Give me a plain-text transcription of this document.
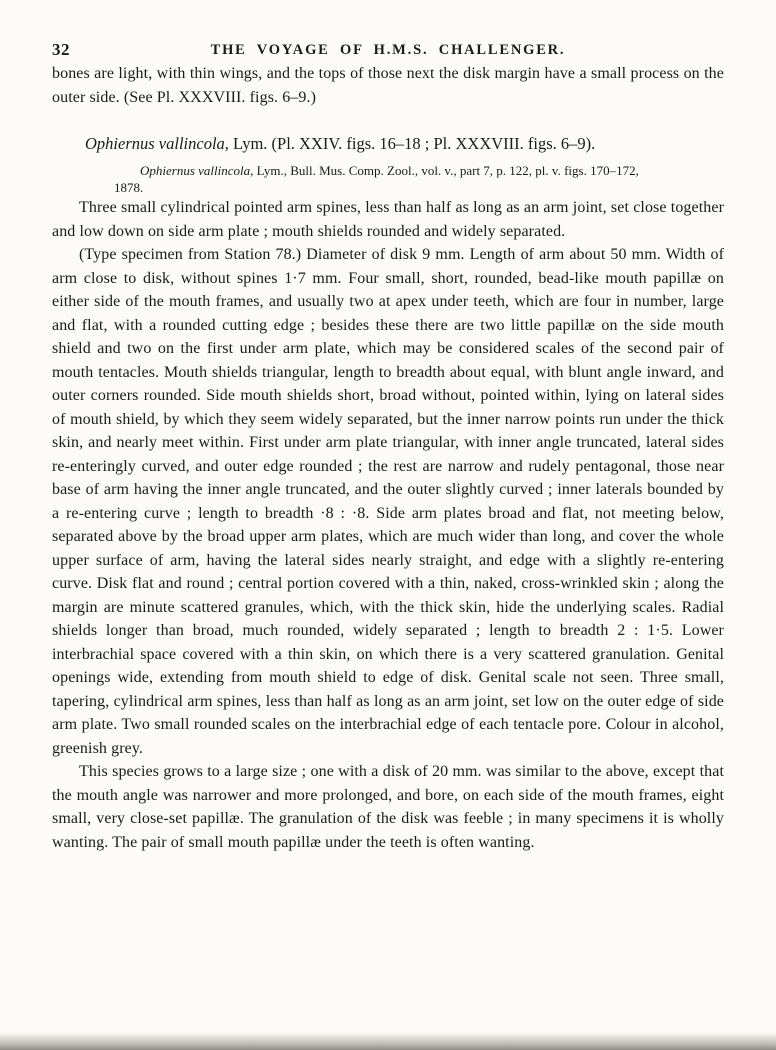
32	THE VOYAGE OF H.M.S. CHALLENGER.

bones are light, with thin wings, and the tops of those next the disk margin have a small process on the outer side. (See Pl. XXXVIII. figs. 6–9.)

Ophiernus vallincola, Lym. (Pl. XXIV. figs. 16–18 ; Pl. XXXVIII. figs. 6–9).

Ophiernus vallincola, Lym., Bull. Mus. Comp. Zool., vol. v., part 7, p. 122, pl. v. figs. 170–172,
1878.

Three small cylindrical pointed arm spines, less than half as long as an arm joint, set close together and low down on side arm plate ; mouth shields rounded and widely separated.

(Type specimen from Station 78.) Diameter of disk 9 mm. Length of arm about 50 mm. Width of arm close to disk, without spines 1·7 mm. Four small, short, rounded, bead-like mouth papillæ on either side of the mouth frames, and usually two at apex under teeth, which are four in number, large and flat, with a rounded cutting edge ; besides these there are two little papillæ on the side mouth shield and two on the first under arm plate, which may be considered scales of the second pair of mouth tentacles. Mouth shields triangular, length to breadth about equal, with blunt angle inward, and outer corners rounded. Side mouth shields short, broad without, pointed within, lying on lateral sides of mouth shield, by which they seem widely separated, but the inner narrow points run under the thick skin, and nearly meet within. First under arm plate triangular, with inner angle truncated, lateral sides re-enteringly curved, and outer edge rounded ; the rest are narrow and rudely pentagonal, those near base of arm having the inner angle truncated, and the outer slightly curved ; inner laterals bounded by a re-entering curve ; length to breadth ·8 : ·8. Side arm plates broad and flat, not meeting below, separated above by the broad upper arm plates, which are much wider than long, and cover the whole upper surface of arm, having the lateral sides nearly straight, and edge with a slightly re-entering curve. Disk flat and round ; central portion covered with a thin, naked, cross-wrinkled skin ; along the margin are minute scattered granules, which, with the thick skin, hide the underlying scales. Radial shields longer than broad, much rounded, widely separated ; length to breadth 2 : 1·5. Lower interbrachial space covered with a thin skin, on which there is a very scattered granulation. Genital openings wide, extending from mouth shield to edge of disk. Genital scale not seen. Three small, tapering, cylindrical arm spines, less than half as long as an arm joint, set low on the outer edge of side arm plate. Two small rounded scales on the interbrachial edge of each tentacle pore. Colour in alcohol, greenish grey.

This species grows to a large size ; one with a disk of 20 mm. was similar to the above, except that the mouth angle was narrower and more prolonged, and bore, on each side of the mouth frames, eight small, very close-set papillæ. The granulation of the disk was feeble ; in many specimens it is wholly wanting. The pair of small mouth papillæ under the teeth is often wanting.
